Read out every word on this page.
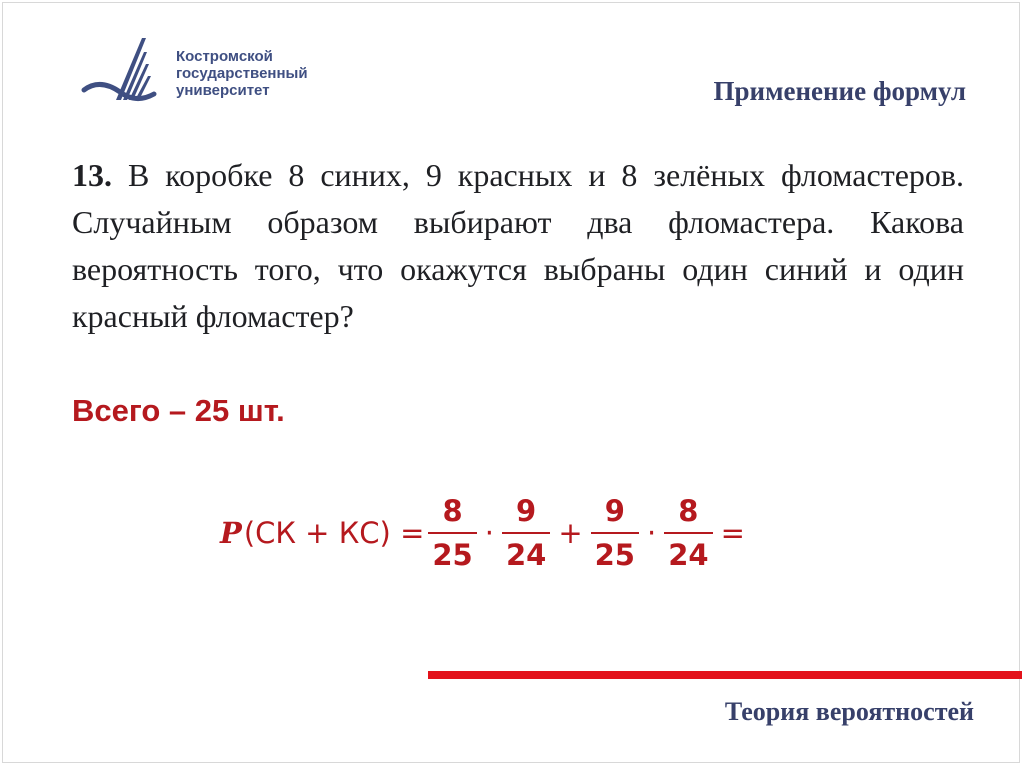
Костромской
государственный
университет	Применение формул
13. В коробке 8 синих, 9 красных и 8 зелёных фломастеров. Случайным образом выбирают два фломастера. Какова вероятность того, что окажутся выбраны один синий и один красный фломастер?
Всего – 25 шт.
P $(СК + КС) = \frac{8}{25} \cdot \frac{9}{24} + \frac{9}{25} \cdot \frac{8}{24}$ =
Теория вероятностей
